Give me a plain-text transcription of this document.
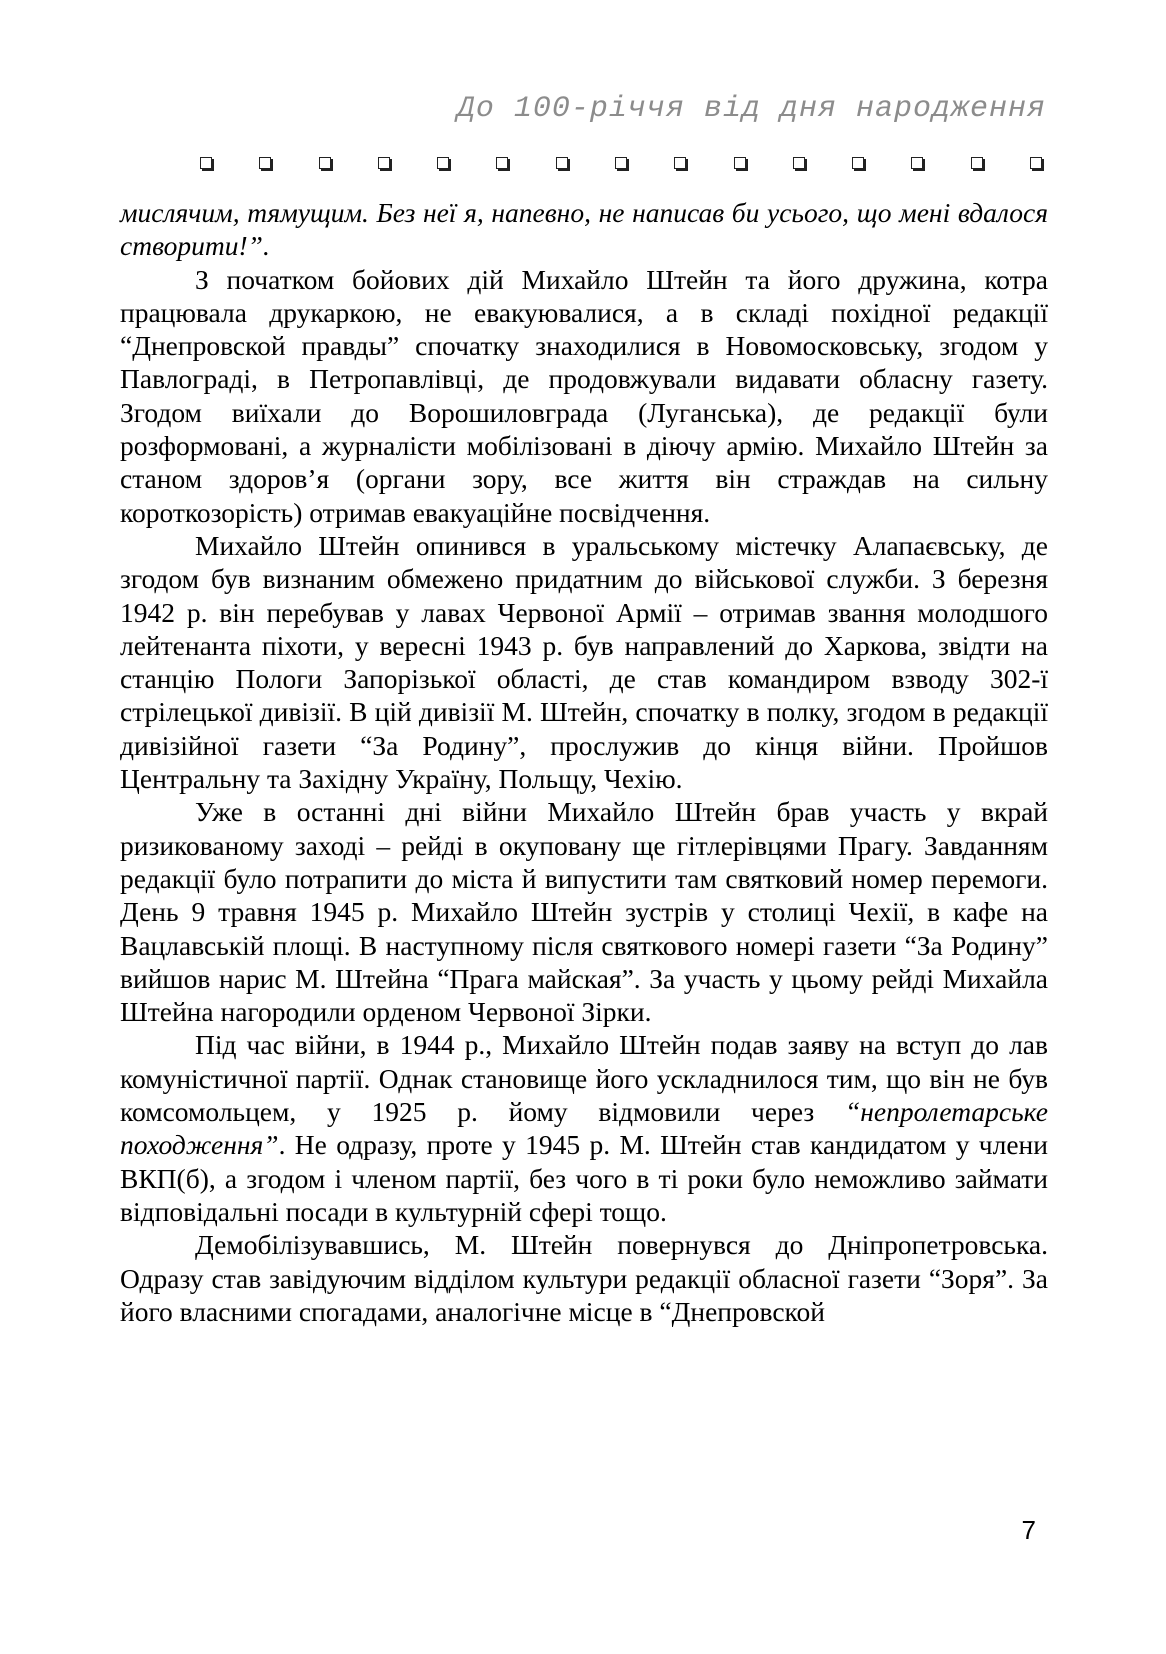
До 100-річчя від дня народження

мислячим, тямущим. Без неї я, напевно, не написав би усього, що мені вдалося створити!”.

З початком бойових дій Михайло Штейн та його дружина, котра працювала друкаркою, не евакуювалися, а в складі похідної редакції “Днепровской правды” спочатку знаходилися в Новомосковську, згодом у Павлограді, в Петропавлівці, де продовжували видавати обласну газету. Згодом виїхали до Ворошиловграда (Луганська), де редакції були розформовані, а журналісти мобілізовані в діючу армію. Михайло Штейн за станом здоров’я (органи зору, все життя він страждав на сильну короткозорість) отримав евакуаційне посвідчення.

Михайло Штейн опинився в уральському містечку Алапаєвську, де згодом був визнаним обмежено придатним до військової служби. З березня 1942 р. він перебував у лавах Червоної Армії – отримав звання молодшого лейтенанта піхоти, у вересні 1943 р. був направлений до Харкова, звідти на станцію Пологи Запорізької області, де став командиром взводу 302-ї стрілецької дивізії. В цій дивізії М. Штейн, спочатку в полку, згодом в редакції дивізійної газети “За Родину”, прослужив до кінця війни. Пройшов Центральну та Західну Україну, Польщу, Чехію.

Уже в останні дні війни Михайло Штейн брав участь у вкрай ризикованому заході – рейді в окуповану ще гітлерівцями Прагу. Завданням редакції було потрапити до міста й випустити там святковий номер перемоги. День 9 травня 1945 р. Михайло Штейн зустрів у столиці Чехії, в кафе на Вацлавській площі. В наступному після святкового номері газети “За Родину” вийшов нарис М. Штейна “Прага майская”. За участь у цьому рейді Михайла Штейна нагородили орденом Червоної Зірки.

Під час війни, в 1944 р., Михайло Штейн подав заяву на вступ до лав комуністичної партії. Однак становище його ускладнилося тим, що він не був комсомольцем, у 1925 р. йому відмовили через “непролетарське походження”. Не одразу, проте у 1945 р. М. Штейн став кандидатом у члени ВКП(б), а згодом і членом партії, без чого в ті роки було неможливо займати відповідальні посади в культурній сфері тощо.

Демобілізувавшись, М. Штейн повернувся до Дніпропетровська. Одразу став завідуючим відділом культури редакції обласної газети “Зоря”. За його власними спогадами, аналогічне місце в “Днепровской

7
